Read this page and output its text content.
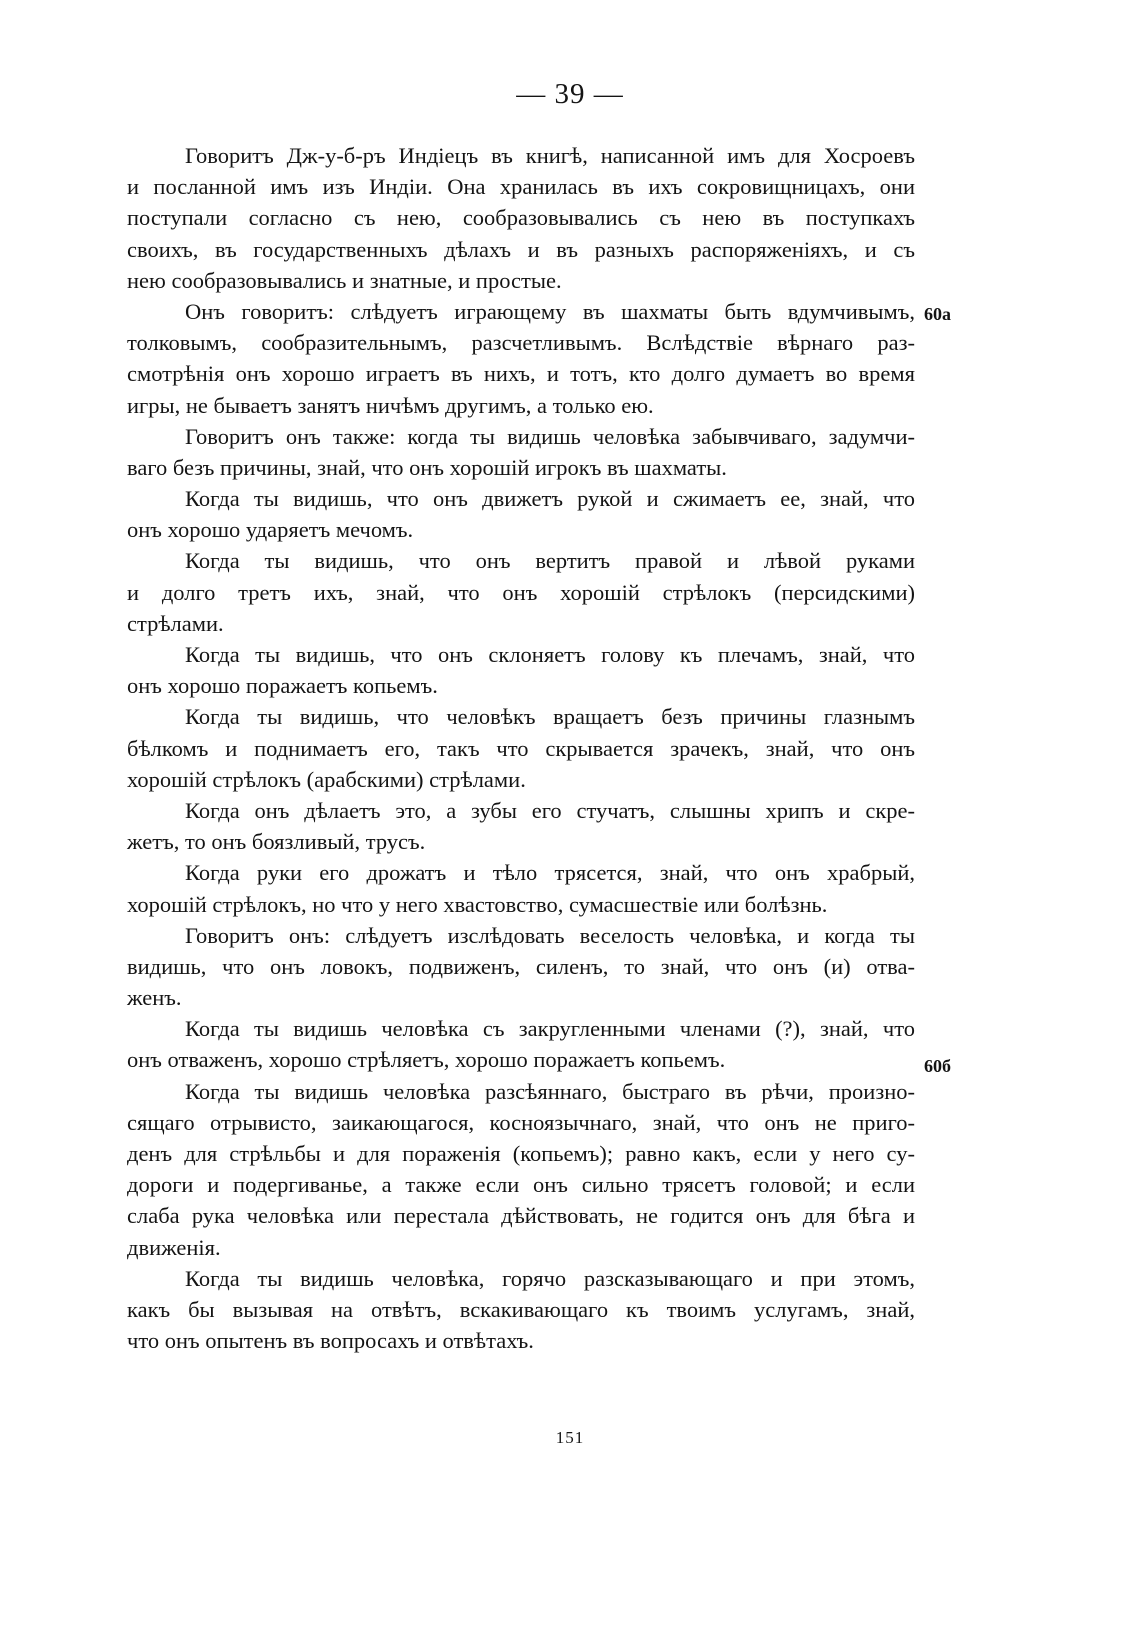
— 39 —
Говоритъ Дж-у-б-ръ Индіецъ въ книгѣ, написанной имъ для Хосроевъ
и посланной имъ изъ Индіи. Она хранилась въ ихъ сокровищницахъ, они
поступали согласно съ нею, сообразовывались съ нею въ поступкахъ
своихъ, въ государственныхъ дѣлахъ и въ разныхъ распоряженіяхъ, и съ
нею сообразовывались и знатные, и простые.
Онъ говоритъ: слѣдуетъ играющему въ шахматы быть вдумчивымъ,
толковымъ, сообразительнымъ, разсчетливымъ. Вслѣдствіе вѣрнаго раз-
смотрѣнія онъ хорошо играетъ въ нихъ, и тотъ, кто долго думаетъ во время
игры, не бываетъ занятъ ничѣмъ другимъ, а только ею.
Говоритъ онъ также: когда ты видишь человѣка забывчиваго, задумчи-
ваго безъ причины, знай, что онъ хорошій игрокъ въ шахматы.
Когда ты видишь, что онъ движетъ рукой и сжимаетъ ее, знай, что
онъ хорошо ударяетъ мечомъ.
Когда ты видишь, что онъ вертитъ правой и лѣвой руками
и долго третъ ихъ, знай, что онъ хорошій стрѣлокъ (персидскими)
стрѣлами.
Когда ты видишь, что онъ склоняетъ голову къ плечамъ, знай, что
онъ хорошо поражаетъ копьемъ.
Когда ты видишь, что человѣкъ вращаетъ безъ причины глазнымъ
бѣлкомъ и поднимаетъ его, такъ что скрывается зрачекъ, знай, что онъ
хорошій стрѣлокъ (арабскими) стрѣлами.
Когда онъ дѣлаетъ это, а зубы его стучатъ, слышны хрипъ и скре-
жетъ, то онъ боязливый, трусъ.
Когда руки его дрожатъ и тѣло трясется, знай, что онъ храбрый,
хорошій стрѣлокъ, но что у него хвастовство, сумасшествіе или болѣзнь.
Говоритъ онъ: слѣдуетъ изслѣдовать веселость человѣка, и когда ты
видишь, что онъ ловокъ, подвиженъ, силенъ, то знай, что онъ (и) отва-
женъ.
Когда ты видишь человѣка съ закругленными членами (?), знай, что
онъ отваженъ, хорошо стрѣляетъ, хорошо поражаетъ копьемъ.
Когда ты видишь человѣка разсѣяннаго, быстраго въ рѣчи, произно-
сящаго отрывисто, заикающагося, косноязычнаго, знай, что онъ не приго-
денъ для стрѣльбы и для пораженія (копьемъ); равно какъ, если у него су-
дороги и подергиванье, а также если онъ сильно трясетъ головой; и если
слаба рука человѣка или перестала дѣйствовать, не годится онъ для бѣга и
движенія.
Когда ты видишь человѣка, горячо разсказывающаго и при этомъ,
какъ бы вызывая на отвѣтъ, вскакивающаго къ твоимъ услугамъ, знай,
что онъ опытенъ въ вопросахъ и отвѣтахъ.
60a
60б
151
